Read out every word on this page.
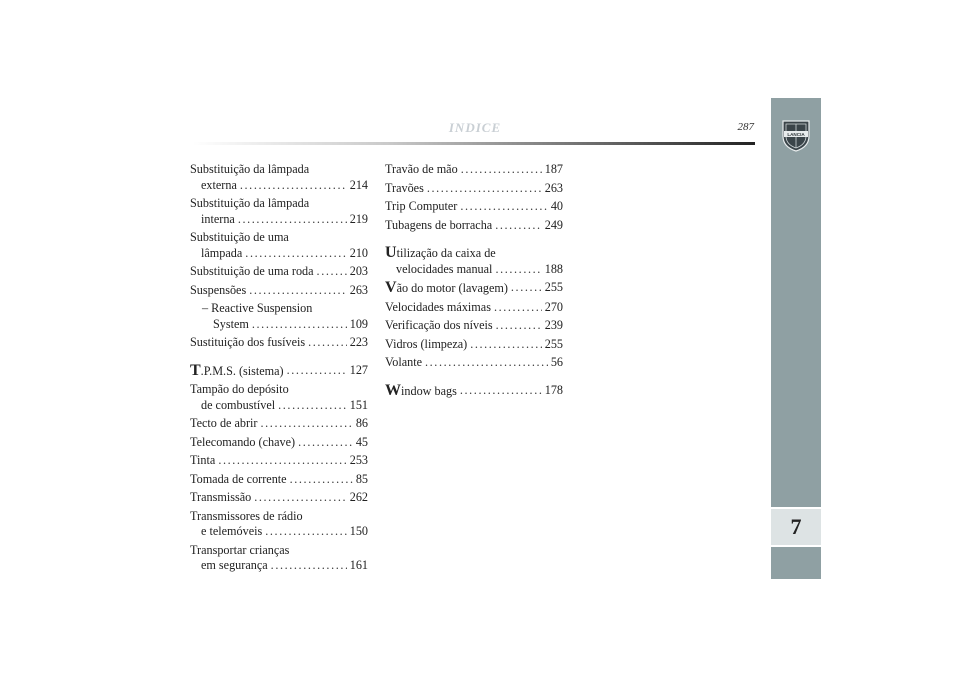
INDICE	287
LANCIA
7
Substituição da lâmpada
externa .....	214
Substituição da lâmpada
interna .....	219
Substituição de uma
lâmpada .....	210
Substituição de uma roda .....	203
Suspensões .....	263
– Reactive Suspension
System .....	109
Sustituição dos fusíveis .....	223
T.P.M.S. (sistema) .....	127
Tampão do depósito
de combustível .....	151
Tecto de abrir .....	86
Telecomando (chave) .....	45
Tinta .....	253
Tomada de corrente .....	85
Transmissão .....	262
Transmissores de rádio
e telemóveis .....	150
Transportar crianças
em segurança .....	161
Travão de mão .....	187
Travões .....	263
Trip Computer .....	40
Tubagens de borracha .....	249
Utilização da caixa de
velocidades manual .....	188
Vão do motor (lavagem) .....	255
Velocidades máximas .....	270
Verificação dos níveis .....	239
Vidros (limpeza) .....	255
Volante .....	56
Window bags .....	178
